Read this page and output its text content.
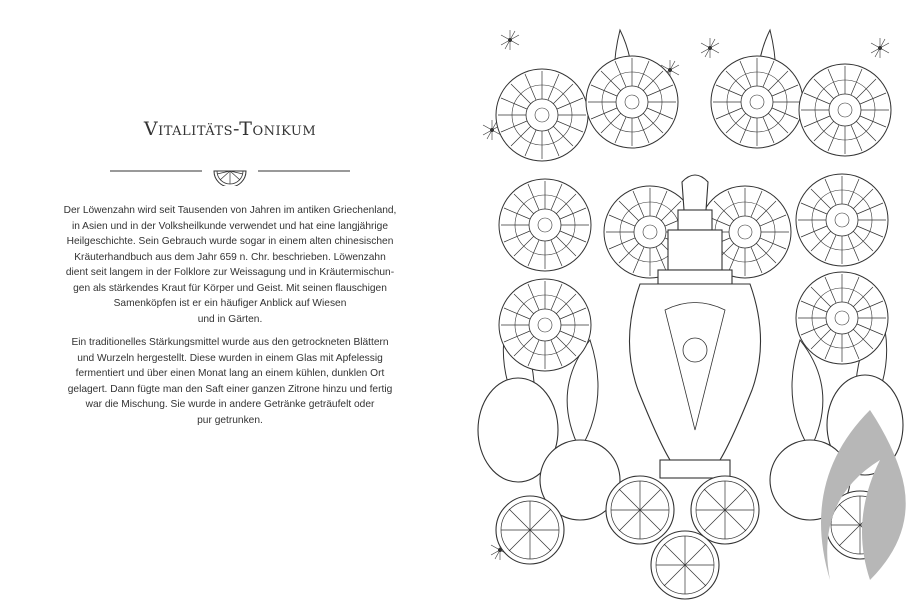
Vitalitäts-Tonikum

Der Löwenzahn wird seit Tausenden von Jahren im antiken Griechenland,
in Asien und in der Volksheilkunde verwendet und hat eine langjährige
Heilgeschichte. Sein Gebrauch wurde sogar in einem alten chinesischen
Kräuterhandbuch aus dem Jahr 659 n. Chr. beschrieben. Löwenzahn
dient seit langem in der Folklore zur Weissagung und in Kräutermischun-
gen als stärkendes Kraut für Körper und Geist. Mit seinen flauschigen
Samenköpfen ist er ein häufiger Anblick auf Wiesen
und in Gärten.

Ein traditionelles Stärkungsmittel wurde aus den getrockneten Blättern
und Wurzeln hergestellt. Diese wurden in einem Glas mit Apfelessig
fermentiert und über einen Monat lang an einem kühlen, dunklen Ort
gelagert. Dann fügte man den Saft einer ganzen Zitrone hinzu und fertig
war die Mischung. Sie wurde in andere Getränke geträufelt oder
pur getrunken.
